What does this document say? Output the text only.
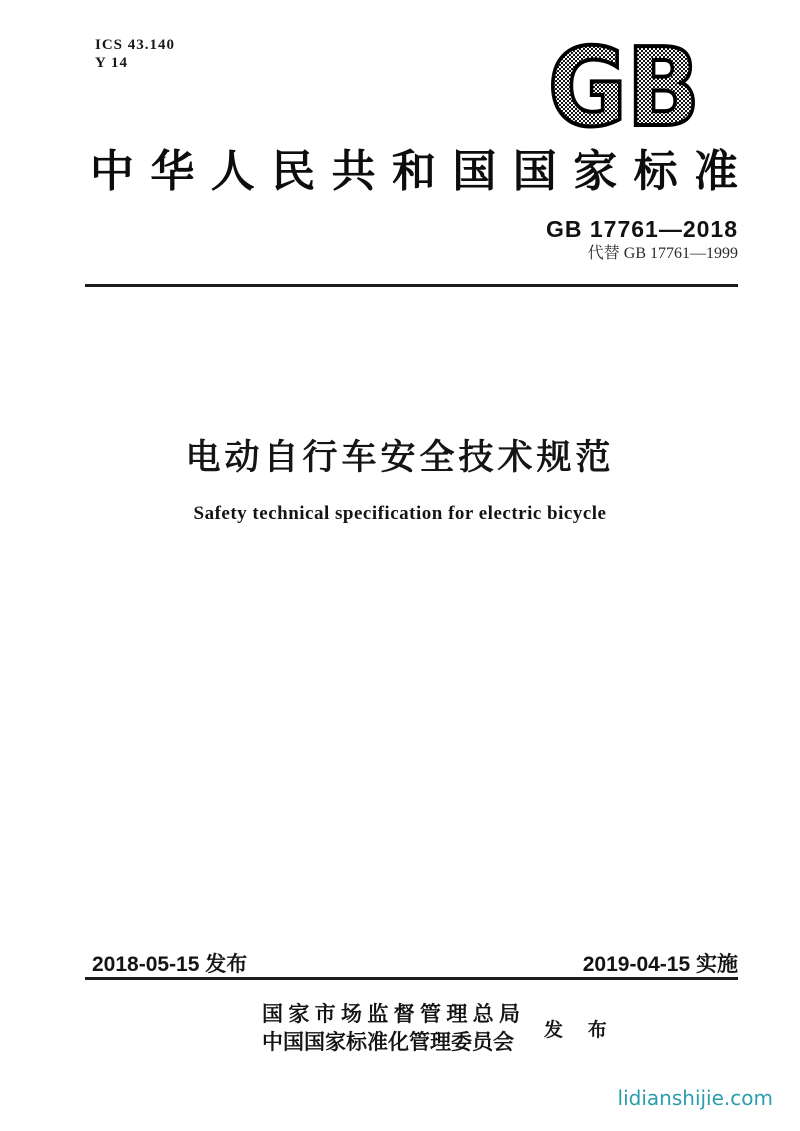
ICS 43.140
Y 14	GB
中华人民共和国国家标准
GB 17761—2018
代替 GB 17761—1999
电动自行车安全技术规范
Safety technical specification for electric bicycle
2018-05-15 发布	2019-04-15 实施
国家市场监督管理总局
中国国家标准化管理委员会	发 布
lidianshijie.com
